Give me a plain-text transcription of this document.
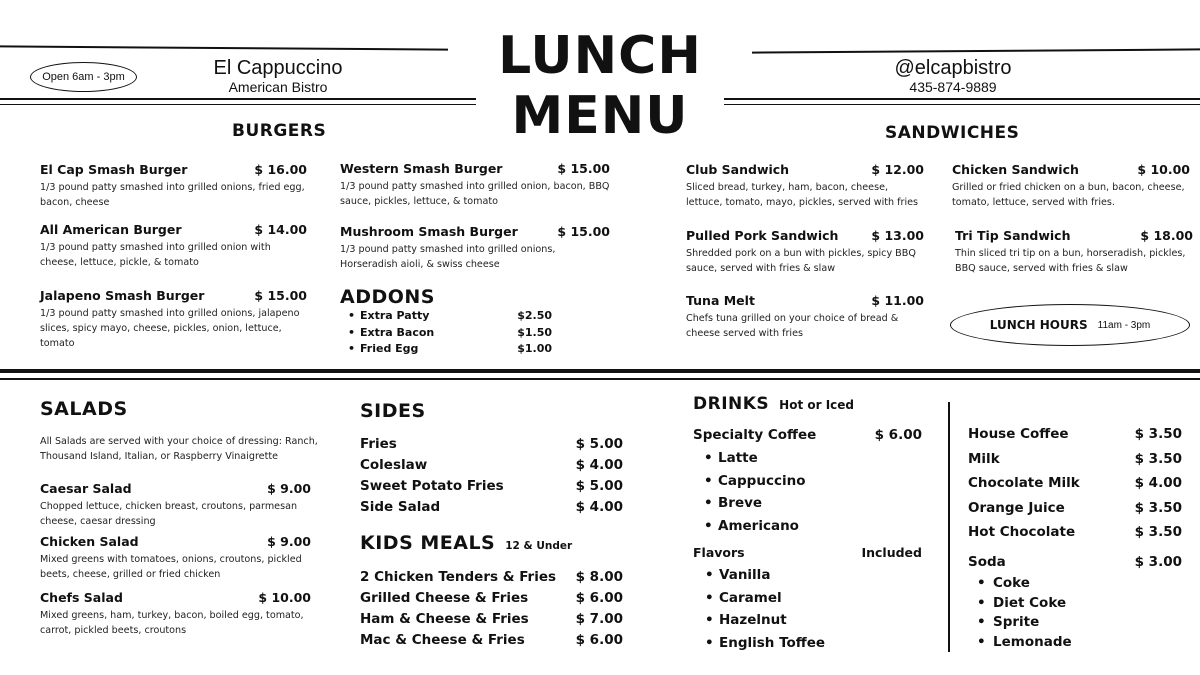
Open 6am - 3pm	El Cappuccino
American Bistro
LUNCH
MENU
@elcapbistro
435-874-9889
BURGERS
El Cap Smash Burger	$ 16.00
1/3 pound patty smashed into grilled onions, fried egg, bacon, cheese
All American Burger	$ 14.00
1/3 pound patty smashed into grilled onion with cheese, lettuce, pickle, & tomato
Jalapeno Smash Burger	$ 15.00
1/3 pound patty smashed into grilled onions, jalapeno slices, spicy mayo, cheese, pickles, onion, lettuce, tomato
Western Smash Burger	$ 15.00
1/3 pound patty smashed into grilled onion, bacon, BBQ sauce, pickles, lettuce, & tomato
Mushroom Smash Burger	$ 15.00
1/3 pound patty smashed into grilled onions, Horseradish aioli, & swiss cheese
ADDONS
• Extra Patty	$2.50
• Extra Bacon	$1.50
• Fried Egg	$1.00
SANDWICHES
Club Sandwich	$ 12.00
Sliced bread, turkey, ham, bacon, cheese, lettuce, tomato, mayo, pickles, served with fries
Pulled Pork Sandwich	$ 13.00
Shredded pork on a bun with pickles, spicy BBQ sauce, served with fries & slaw
Tuna Melt	$ 11.00
Chefs tuna grilled on your choice of bread & cheese served with fries
Chicken Sandwich	$ 10.00
Grilled or fried chicken on a bun, bacon, cheese, tomato, lettuce, served with fries.
Tri Tip Sandwich	$ 18.00
Thin sliced tri tip on a bun, horseradish, pickles, BBQ sauce, served with fries & slaw
LUNCH HOURS 11am - 3pm
SALADS
All Salads are served with your choice of dressing: Ranch, Thousand Island, Italian, or Raspberry Vinaigrette
Caesar Salad	$ 9.00
Chopped lettuce, chicken breast, croutons, parmesan cheese, caesar dressing
Chicken Salad	$ 9.00
Mixed greens with tomatoes, onions, croutons, pickled beets, cheese, grilled or fried chicken
Chefs Salad	$ 10.00
Mixed greens, ham, turkey, bacon, boiled egg, tomato, carrot, pickled beets, croutons
SIDES
Fries	$ 5.00
Coleslaw	$ 4.00
Sweet Potato Fries	$ 5.00
Side Salad	$ 4.00
KIDS MEALS 12 & Under
2 Chicken Tenders & Fries $ 8.00
Grilled Cheese & Fries	$ 6.00
Ham & Cheese & Fries	$ 7.00
Mac & Cheese & Fries	$ 6.00
DRINKS Hot or Iced
Specialty Coffee	$ 6.00
• Latte
• Cappuccino
• Breve
• Americano
Flavors	Included
• Vanilla
• Caramel
• Hazelnut
• English Toffee
House Coffee	$ 3.50
Milk	$ 3.50
Chocolate Milk	$ 4.00
Orange Juice	$ 3.50
Hot Chocolate	$ 3.50
Soda	$ 3.00
• Coke
• Diet Coke
• Sprite
• Lemonade
